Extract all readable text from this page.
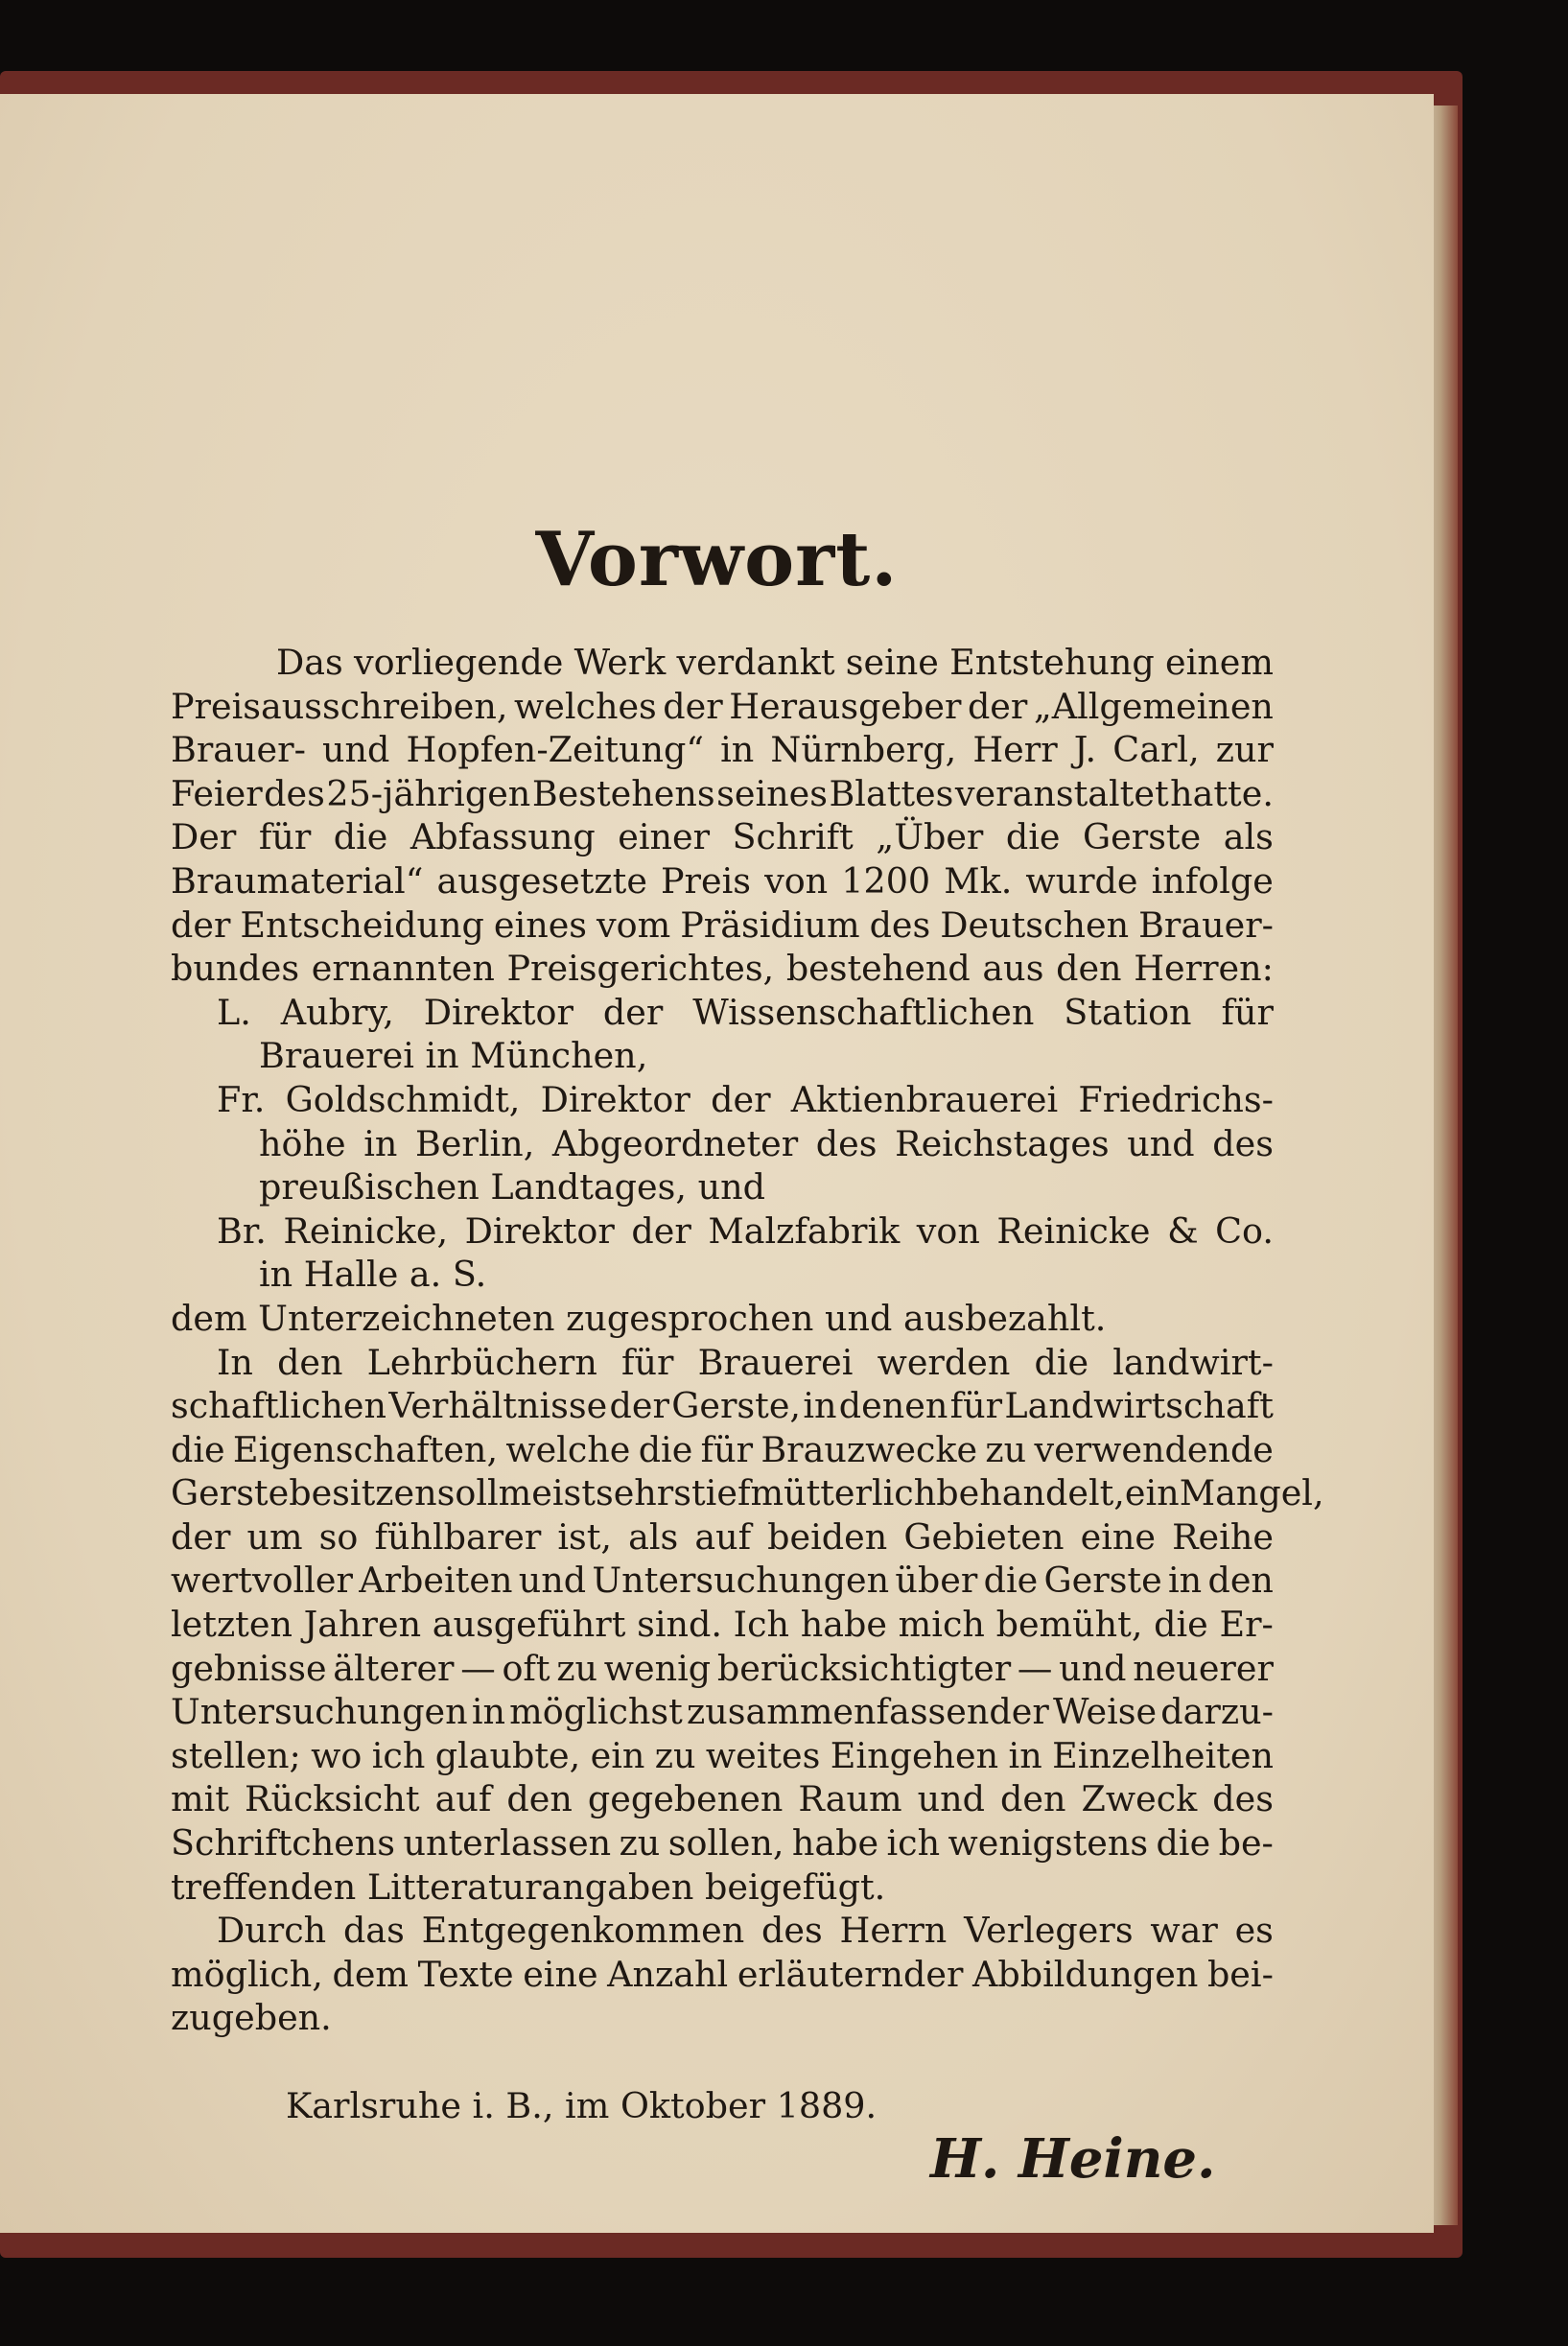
Vorwort.
Das vorliegende Werk verdankt seine Entstehung einem
Preisausschreiben, welches der Herausgeber der „Allgemeinen
Brauer- und Hopfen-Zeitung“ in Nürnberg, Herr J. Carl, zur
Feier des 25-jährigen Bestehens seines Blattes veranstaltet hatte.
Der für die Abfassung einer Schrift „Über die Gerste als
Braumaterial“ ausgesetzte Preis von 1200 Mk. wurde infolge
der Entscheidung eines vom Präsidium des Deutschen Brauer-
bundes ernannten Preisgerichtes, bestehend aus den Herren:
L. Aubry, Direktor der Wissenschaftlichen Station für
Brauerei in München,
Fr. Goldschmidt, Direktor der Aktienbrauerei Friedrichs-
höhe in Berlin, Abgeordneter des Reichstages und des
preußischen Landtages, und
Br. Reinicke, Direktor der Malzfabrik von Reinicke & Co.
in Halle a. S.
dem Unterzeichneten zugesprochen und ausbezahlt.
In den Lehrbüchern für Brauerei werden die landwirt-
schaftlichen Verhältnisse der Gerste, in denen für Landwirtschaft
die Eigenschaften, welche die für Brauzwecke zu verwendende
Gerste besitzen soll meist sehr stiefmütterlich behandelt, ein Mangel,
der um so fühlbarer ist, als auf beiden Gebieten eine Reihe
wertvoller Arbeiten und Untersuchungen über die Gerste in den
letzten Jahren ausgeführt sind. Ich habe mich bemüht, die Er-
gebnisse älterer — oft zu wenig berücksichtigter — und neuerer
Untersuchungen in möglichst zusammenfassender Weise darzu-
stellen; wo ich glaubte, ein zu weites Eingehen in Einzelheiten
mit Rücksicht auf den gegebenen Raum und den Zweck des
Schriftchens unterlassen zu sollen, habe ich wenigstens die be-
treffenden Litteraturangaben beigefügt.
Durch das Entgegenkommen des Herrn Verlegers war es
möglich, dem Texte eine Anzahl erläuternder Abbildungen bei-
zugeben.
Karlsruhe i. B., im Oktober 1889.
H. Heine.
